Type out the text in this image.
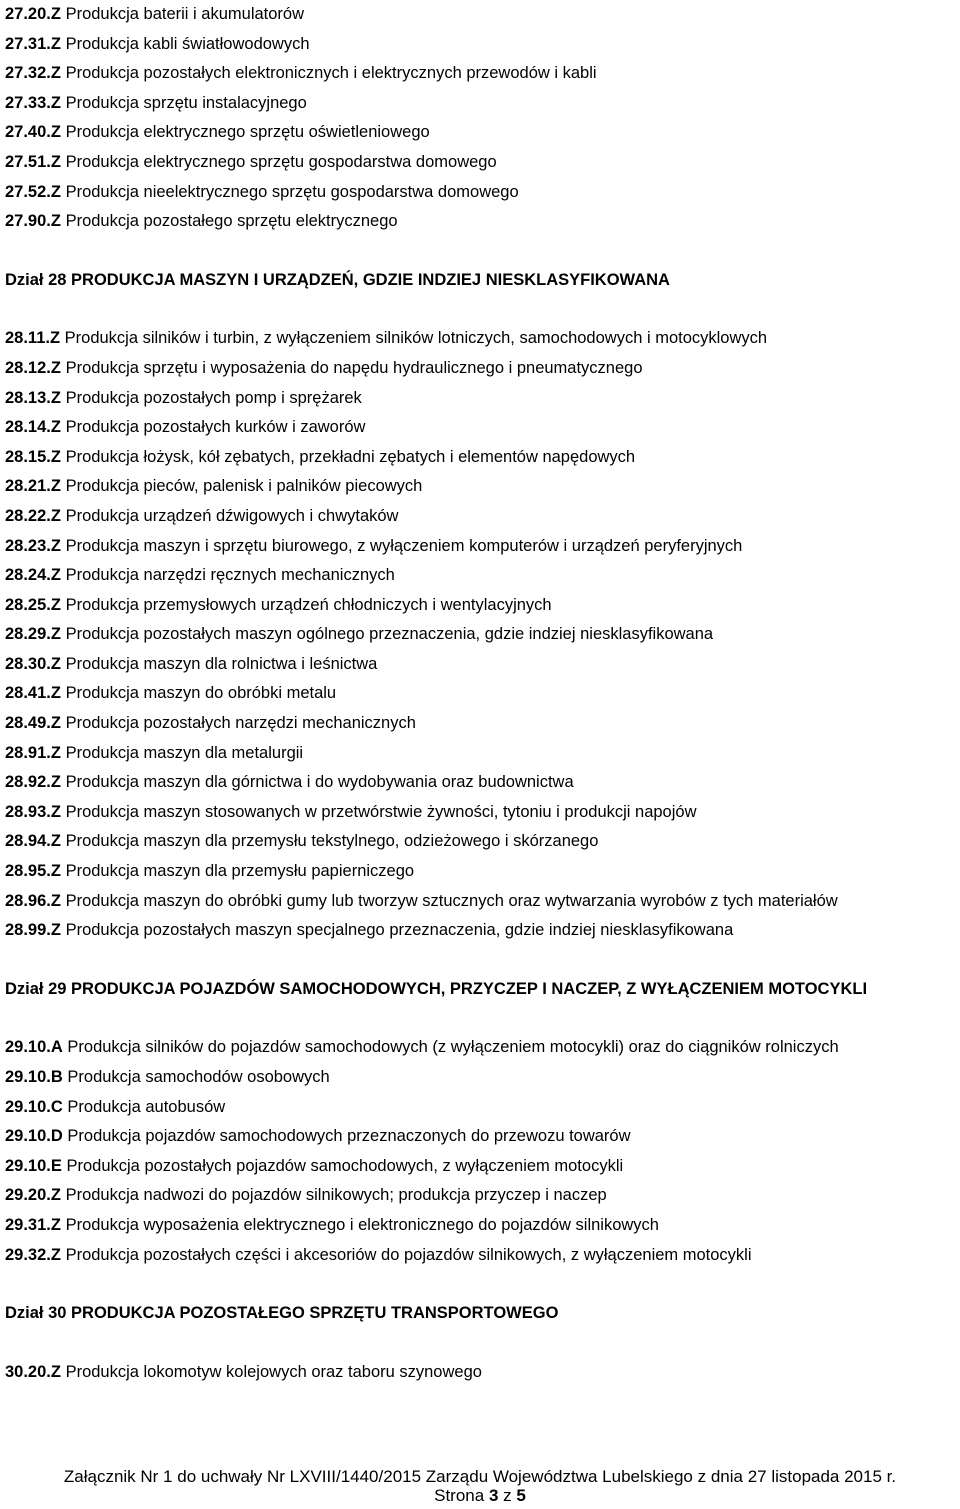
27.20.Z Produkcja baterii i akumulatorów
27.31.Z Produkcja kabli światłowodowych
27.32.Z Produkcja pozostałych elektronicznych i elektrycznych przewodów i kabli
27.33.Z Produkcja sprzętu instalacyjnego
27.40.Z Produkcja elektrycznego sprzętu oświetleniowego
27.51.Z Produkcja elektrycznego sprzętu gospodarstwa domowego
27.52.Z Produkcja nieelektrycznego sprzętu gospodarstwa domowego
27.90.Z Produkcja pozostałego sprzętu elektrycznego
Dział 28 PRODUKCJA MASZYN I URZĄDZEŃ, GDZIE INDZIEJ NIESKLASYFIKOWANA
28.11.Z Produkcja silników i turbin, z wyłączeniem silników lotniczych, samochodowych i motocyklowych
28.12.Z Produkcja sprzętu i wyposażenia do napędu hydraulicznego i pneumatycznego
28.13.Z Produkcja pozostałych pomp i sprężarek
28.14.Z Produkcja pozostałych kurków i zaworów
28.15.Z Produkcja łożysk, kół zębatych, przekładni zębatych i elementów napędowych
28.21.Z Produkcja pieców, palenisk i palników piecowych
28.22.Z Produkcja urządzeń dźwigowych i chwytaków
28.23.Z Produkcja maszyn i sprzętu biurowego, z wyłączeniem komputerów i urządzeń peryferyjnych
28.24.Z Produkcja narzędzi ręcznych mechanicznych
28.25.Z Produkcja przemysłowych urządzeń chłodniczych i wentylacyjnych
28.29.Z Produkcja pozostałych maszyn ogólnego przeznaczenia, gdzie indziej niesklasyfikowana
28.30.Z Produkcja maszyn dla rolnictwa i leśnictwa
28.41.Z Produkcja maszyn do obróbki metalu
28.49.Z Produkcja pozostałych narzędzi mechanicznych
28.91.Z Produkcja maszyn dla metalurgii
28.92.Z Produkcja maszyn dla górnictwa i do wydobywania oraz budownictwa
28.93.Z Produkcja maszyn stosowanych w przetwórstwie żywności, tytoniu i produkcji napojów
28.94.Z Produkcja maszyn dla przemysłu tekstylnego, odzieżowego i skórzanego
28.95.Z Produkcja maszyn dla przemysłu papierniczego
28.96.Z Produkcja maszyn do obróbki gumy lub tworzyw sztucznych oraz wytwarzania wyrobów z tych materiałów
28.99.Z Produkcja pozostałych maszyn specjalnego przeznaczenia, gdzie indziej niesklasyfikowana
Dział 29 PRODUKCJA POJAZDÓW SAMOCHODOWYCH, PRZYCZEP I NACZEP, Z WYŁĄCZENIEM MOTOCYKLI
29.10.A Produkcja silników do pojazdów samochodowych (z wyłączeniem motocykli) oraz do ciągników rolniczych
29.10.B Produkcja samochodów osobowych
29.10.C Produkcja autobusów
29.10.D Produkcja pojazdów samochodowych przeznaczonych do przewozu towarów
29.10.E Produkcja pozostałych pojazdów samochodowych, z wyłączeniem motocykli
29.20.Z Produkcja nadwozi do pojazdów silnikowych; produkcja przyczep i naczep
29.31.Z Produkcja wyposażenia elektrycznego i elektronicznego do pojazdów silnikowych
29.32.Z Produkcja pozostałych części i akcesoriów do pojazdów silnikowych, z wyłączeniem motocykli
Dział 30 PRODUKCJA POZOSTAŁEGO SPRZĘTU TRANSPORTOWEGO
30.20.Z Produkcja lokomotyw kolejowych oraz taboru szynowego
Załącznik Nr 1 do uchwały Nr LXVIII/1440/2015 Zarządu Województwa Lubelskiego z dnia 27 listopada 2015 r.
Strona 3 z 5
